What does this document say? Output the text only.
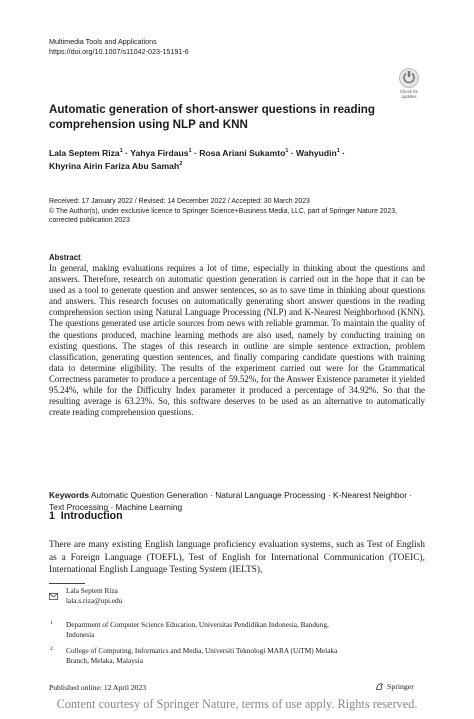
Multimedia Tools and Applications
https://doi.org/10.1007/s11042-023-15191-6
Check for
updates
Automatic generation of short-answer questions in reading
comprehension using NLP and KNN
Lala Septem Riza$^1$ · Yahya Firdaus$^1$ · Rosa Ariani Sukamto$^1$ · Wahyudin$^1$ ·
Khyrina Airin Fariza Abu Samah$^2$
Received: 17 January 2022 / Revised: 14 December 2022 / Accepted: 30 March 2023
© The Author(s), under exclusive licence to Springer Science+Business Media, LLC, part of Springer Nature 2023,
corrected publication 2023
Abstract
In general, making evaluations requires a lot of time, especially in thinking about the questions and answers. Therefore, research on automatic question generation is carried out in the hope that it can be used as a tool to generate question and answer sentences, so as to save time in thinking about questions and answers. This research focuses on automatically generating short answer questions in the reading comprehension section using Natural Language Processing (NLP) and K-Nearest Neighborhood (KNN). The questions generated use article sources from news with reliable grammar. To maintain the quality of the questions produced, machine learning methods are also used, namely by conducting training on existing questions. The stages of this research in outline are simple sentence extraction, problem classification, generating question sentences, and finally comparing candidate questions with training data to determine eligibility. The results of the experiment carried out were for the Grammatical Correctness parameter to produce a percentage of 59.52%, for the Answer Existence parameter it yielded 95.24%, while for the Difficulty Index parameter it produced a percentage of 34.92%. So that the resulting average is 63.23%. So, this software deserves to be used as an alternative to automatically create reading comprehension questions.
Keywords Automatic Question Generation · Natural Language Processing · K-Nearest Neighbor · Text Processing · Machine Learning
1 Introduction
There are many existing English language proficiency evaluation systems, such as Test of English as a Foreign Language (TOEFL), Test of English for International Communication (TOEIC), International English Language Testing System (IELTS),
Lala Septem Riza
lala.s.riza@upi.edu
1 Department of Computer Science Education, Universitas Pendidikan Indonesia, Bandung,
Indonesia
2 College of Computing, Informatics and Media, Universiti Teknologi MARA (UiTM) Melaka
Branch, Melaka, Malaysia
Published online: 12 April 2023	Springer
Content courtesy of Springer Nature, terms of use apply. Rights reserved.
